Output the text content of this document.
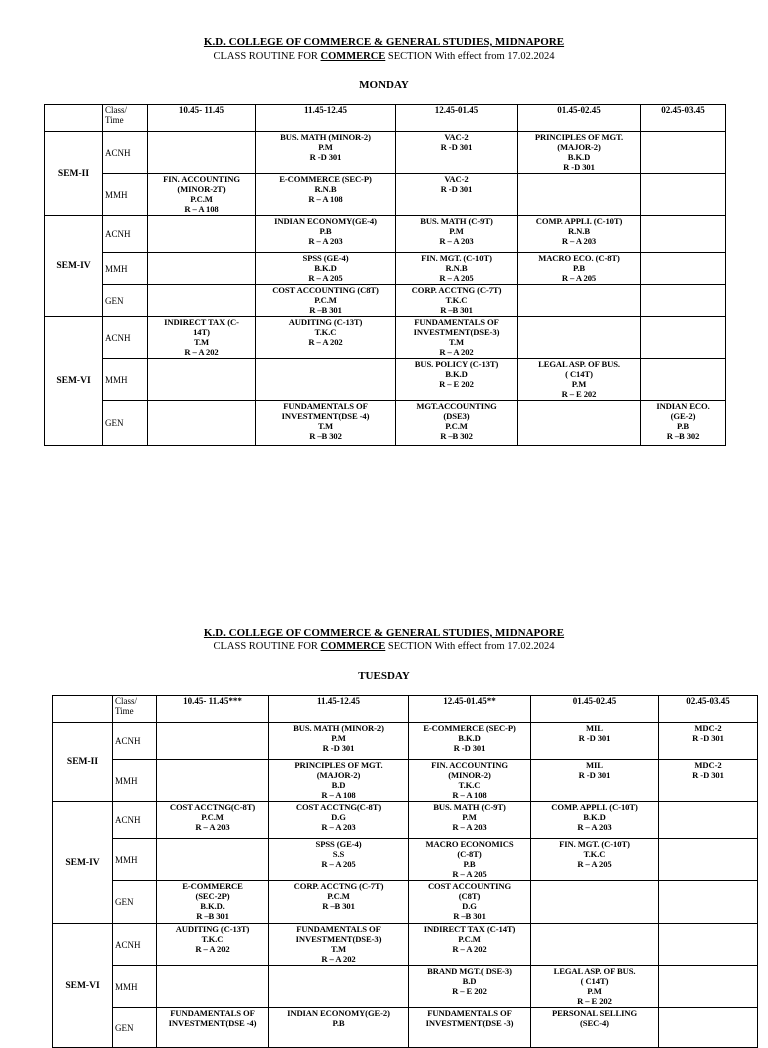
K.D. COLLEGE OF COMMERCE & GENERAL STUDIES, MIDNAPORE
CLASS ROUTINE FOR COMMERCE SECTION With effect from 17.02.2024
MONDAY
	Class/
Time	10.45- 11.45	11.45-12.45	12.45-01.45	01.45-02.45	02.45-03.45
SEM-II	ACNH		BUS. MATH (MINOR-2)
P.M
R -D 301	VAC-2
R -D 301	PRINCIPLES OF MGT.
(MAJOR-2)
B.K.D
R -D 301	
	MMH	FIN. ACCOUNTING
(MINOR-2T)
P.C.M
R – A 108	E-COMMERCE (SEC-P)
R.N.B
R – A 108	VAC-2
R -D 301		
SEM-IV	ACNH		INDIAN ECONOMY(GE-4)
P.B
R – A 203	BUS. MATH (C-9T)
P.M
R – A 203	COMP. APPLI. (C-10T)
R.N.B
R – A 203	
	MMH		SPSS (GE-4)
B.K.D
R – A 205	FIN. MGT. (C-10T)
R.N.B
R – A 205	MACRO ECO. (C-8T)
P.B
R – A 205	
	GEN		COST ACCOUNTING (C8T)
P.C.M
R –B 301	CORP. ACCTNG (C-7T)
T.K.C
R –B 301		
SEM-VI	ACNH	INDIRECT TAX (C-
14T)
T.M
R – A 202	AUDITING (C-13T)
T.K.C
R – A 202	FUNDAMENTALS OF
INVESTMENT(DSE-3)
T.M
R – A 202		
	MMH			BUS. POLICY (C-13T)
B.K.D
R – E 202	LEGAL ASP. OF BUS.
( C14T)
P.M
R – E 202	
	GEN		FUNDAMENTALS OF
INVESTMENT(DSE -4)
T.M
R –B 302	MGT.ACCOUNTING
(DSE3)
P.C.M
R –B 302		INDIAN ECO.
(GE-2)
P.B
R –B 302
K.D. COLLEGE OF COMMERCE & GENERAL STUDIES, MIDNAPORE
CLASS ROUTINE FOR COMMERCE SECTION With effect from 17.02.2024
TUESDAY
	Class/
Time	10.45- 11.45***	11.45-12.45	12.45-01.45**	01.45-02.45	02.45-03.45
SEM-II	ACNH		BUS. MATH (MINOR-2)
P.M
R -D 301	E-COMMERCE (SEC-P)
B.K.D
R -D 301	MIL
R -D 301	MDC-2
R -D 301
	MMH		PRINCIPLES OF MGT.
(MAJOR-2)
B.D
R – A 108	FIN. ACCOUNTING
(MINOR-2)
T.K.C
R – A 108	MIL
R -D 301	MDC-2
R -D 301
SEM-IV	ACNH	COST ACCTNG(C-8T)
P.C.M
R – A 203	COST ACCTNG(C-8T)
D.G
R – A 203	BUS. MATH (C-9T)
P.M
R – A 203	COMP. APPLI. (C-10T)
B.K.D
R – A 203	
	MMH		SPSS (GE-4)
S.S
R – A 205	MACRO ECONOMICS
(C-8T)
P.B
R – A 205	FIN. MGT. (C-10T)
T.K.C
R – A 205	
	GEN	E-COMMERCE
(SEC-2P)
B.K.D.
R –B 301	CORP. ACCTNG (C-7T)
P.C.M
R –B 301	COST ACCOUNTING
(C8T)
D.G
R –B 301		
SEM-VI	ACNH	AUDITING (C-13T)
T.K.C
R – A 202	FUNDAMENTALS OF
INVESTMENT(DSE-3)
T.M
R – A 202	INDIRECT TAX (C-14T)
P.C.M
R – A 202		
	MMH			BRAND MGT.( DSE-3)
B.D
R – E 202	LEGAL ASP. OF BUS.
( C14T)
P.M
R – E 202	
	GEN	FUNDAMENTALS OF
INVESTMENT(DSE -4)	INDIAN ECONOMY(GE-2)
P.B	FUNDAMENTALS OF
INVESTMENT(DSE -3)	PERSONAL SELLING
(SEC-4)	
